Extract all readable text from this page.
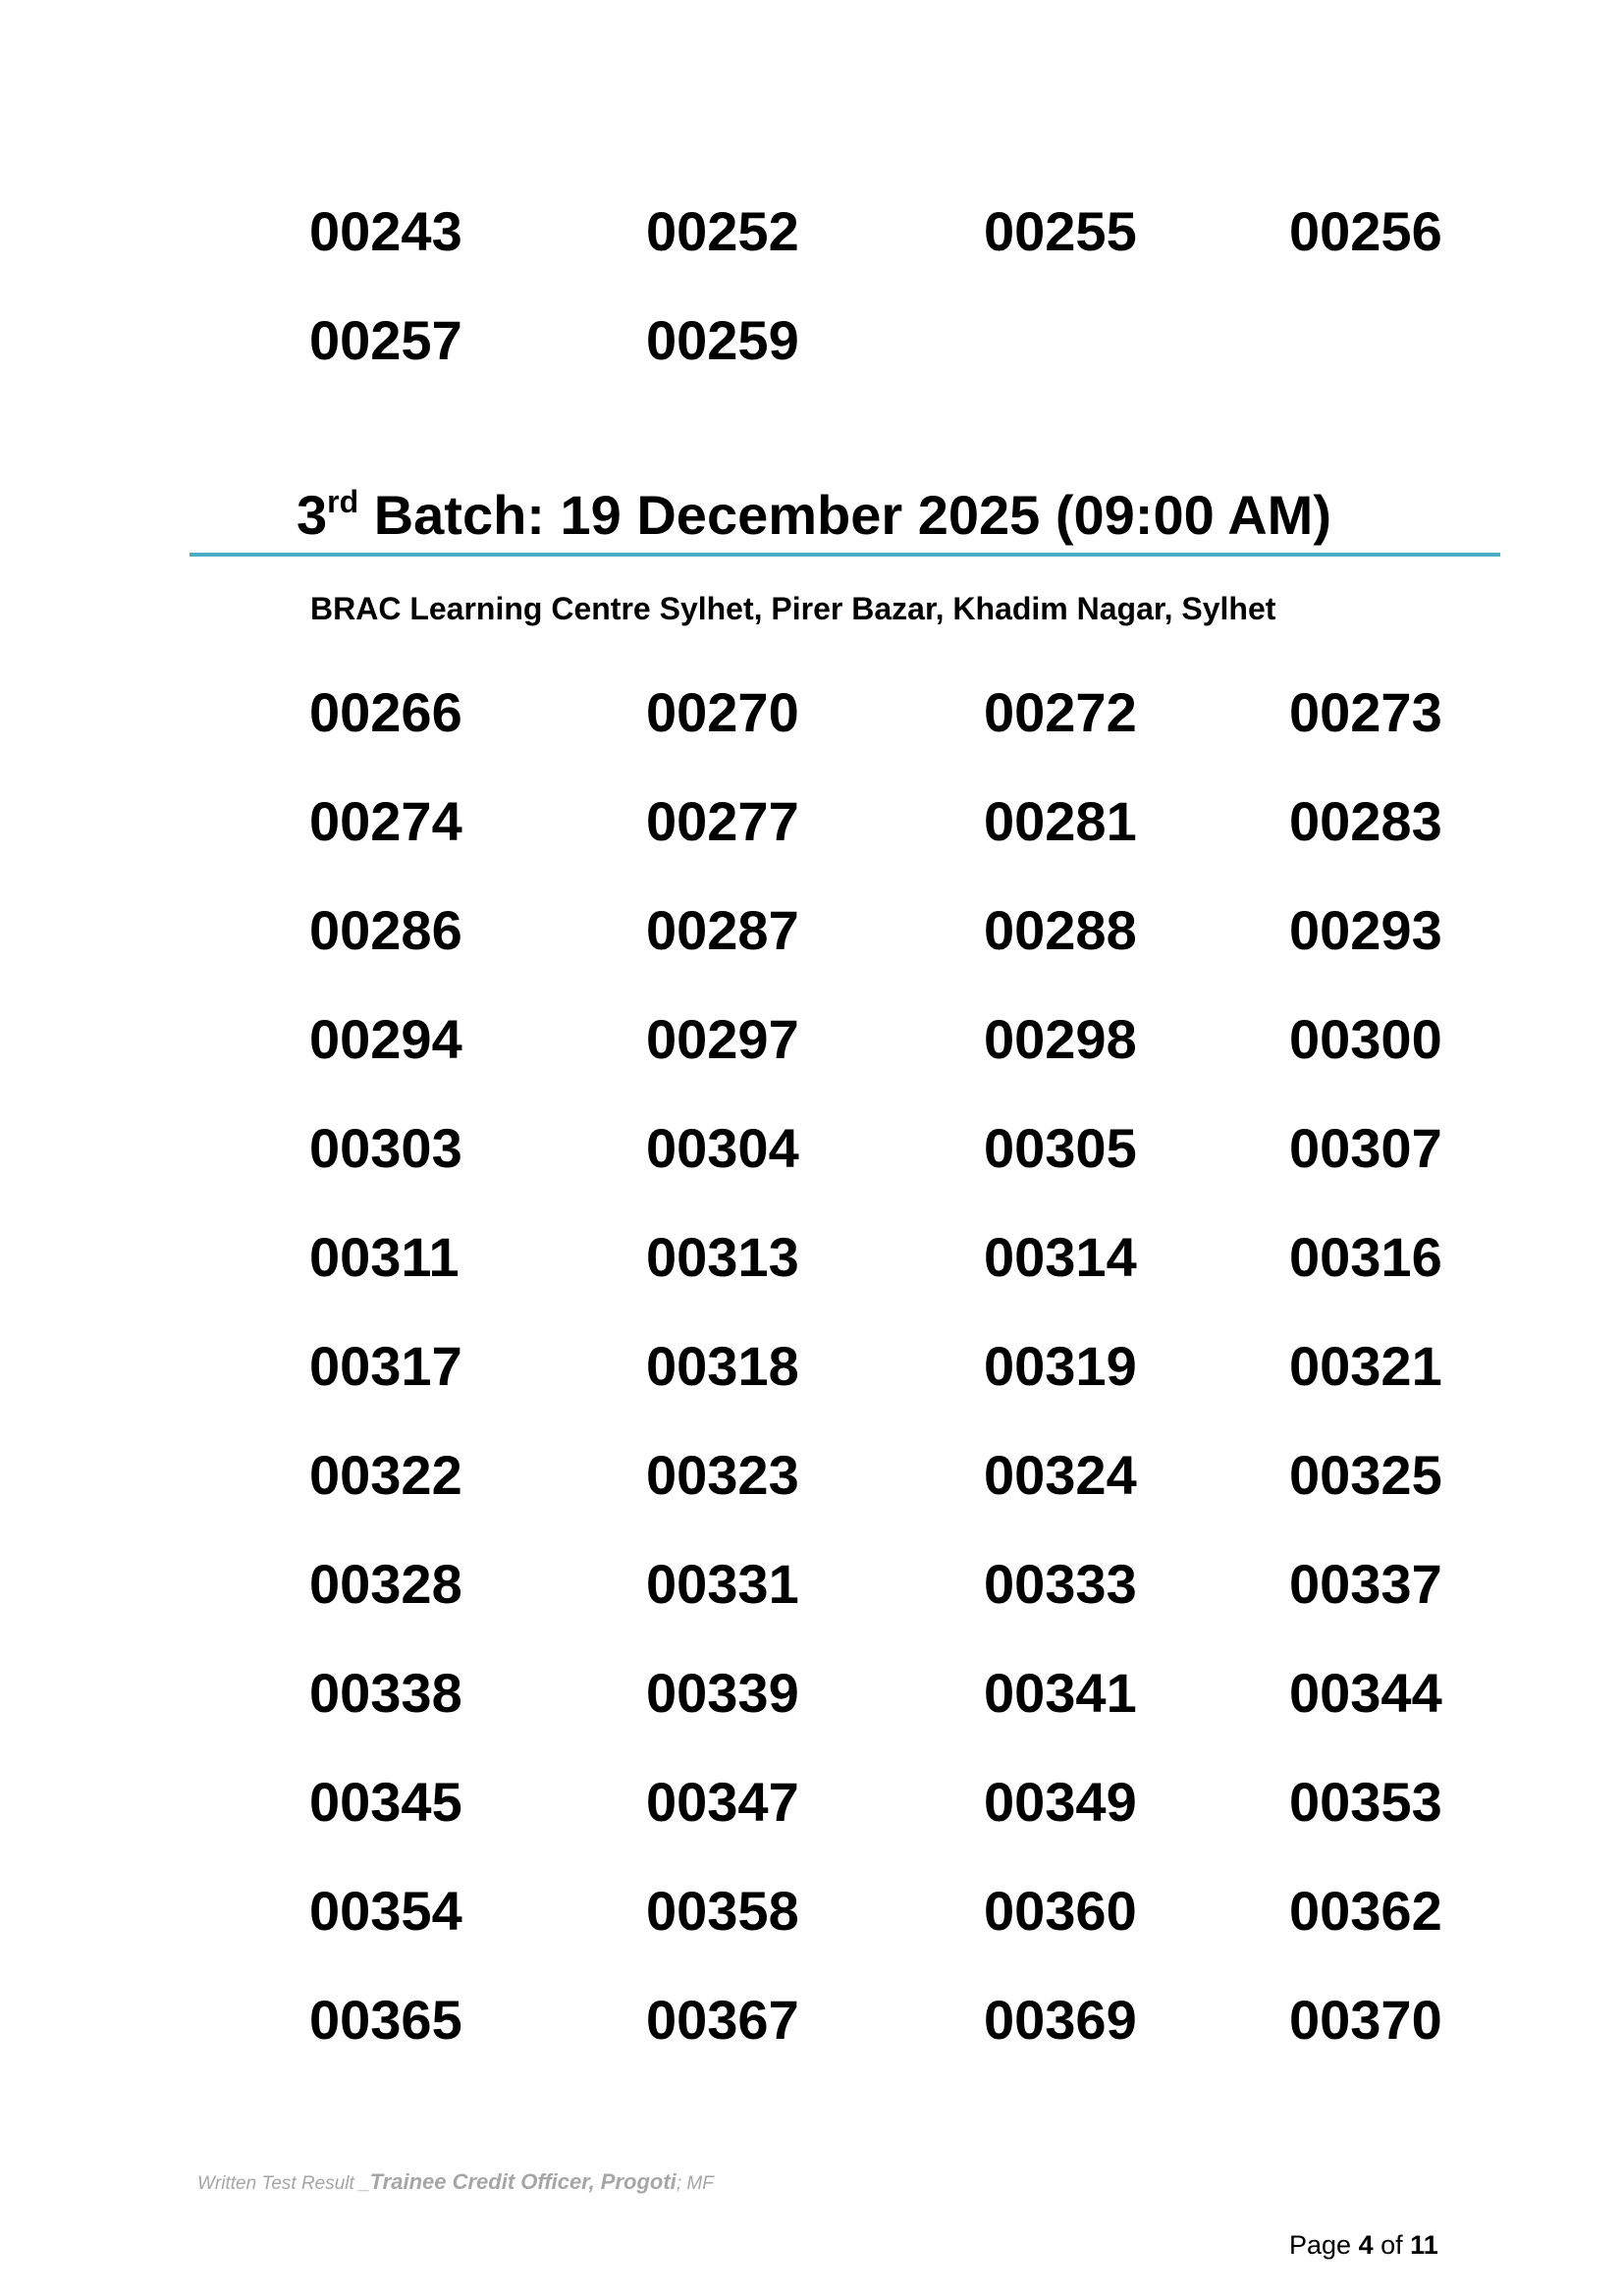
00243	00252	00255	00256
00257	00259
3rd Batch: 19 December 2025 (09:00 AM)
BRAC Learning Centre Sylhet, Pirer Bazar, Khadim Nagar, Sylhet
00266	00270	00272	00273
00274	00277	00281	00283
00286	00287	00288	00293
00294	00297	00298	00300
00303	00304	00305	00307
00311	00313	00314	00316
00317	00318	00319	00321
00322	00323	00324	00325
00328	00331	00333	00337
00338	00339	00341	00344
00345	00347	00349	00353
00354	00358	00360	00362
00365	00367	00369	00370
Written Test Result _Trainee Credit Officer, Progoti; MF
Page 4 of 11
